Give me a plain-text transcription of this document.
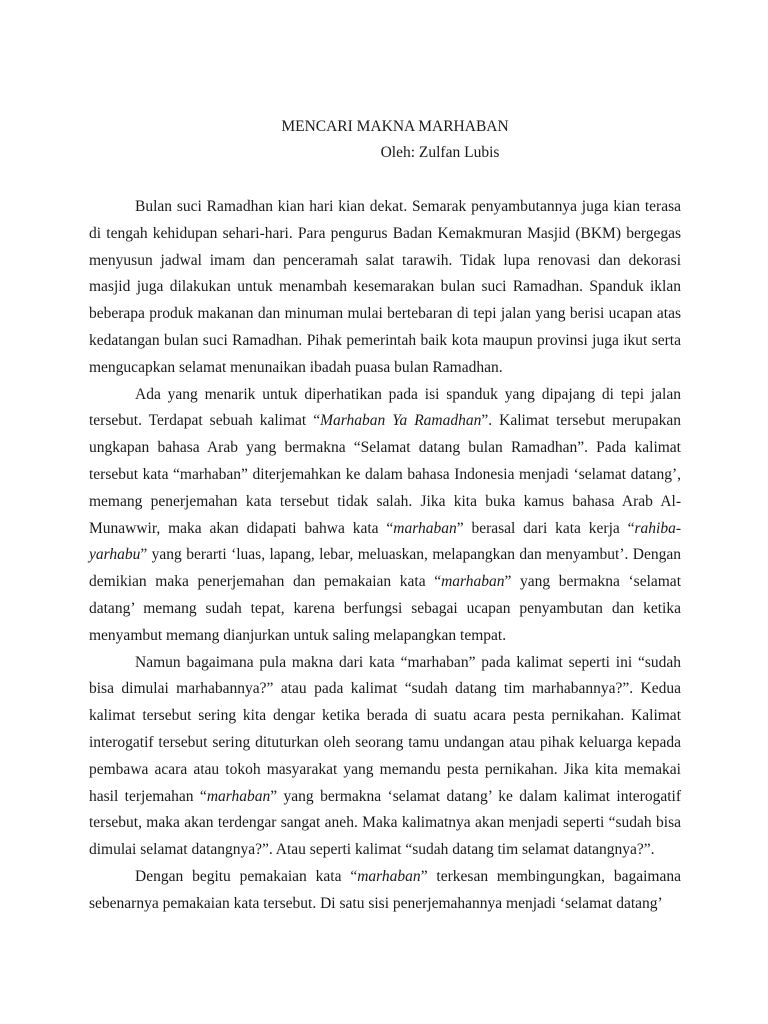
MENCARI MAKNA MARHABAN

Oleh: Zulfan Lubis

Bulan suci Ramadhan kian hari kian dekat. Semarak penyambutannya juga kian terasa di tengah kehidupan sehari-hari. Para pengurus Badan Kemakmuran Masjid (BKM) bergegas menyusun jadwal imam dan penceramah salat tarawih. Tidak lupa renovasi dan dekorasi masjid juga dilakukan untuk menambah kesemarakan bulan suci Ramadhan. Spanduk iklan beberapa produk makanan dan minuman mulai bertebaran di tepi jalan yang berisi ucapan atas kedatangan bulan suci Ramadhan. Pihak pemerintah baik kota maupun provinsi juga ikut serta mengucapkan selamat menunaikan ibadah puasa bulan Ramadhan.

Ada yang menarik untuk diperhatikan pada isi spanduk yang dipajang di tepi jalan tersebut. Terdapat sebuah kalimat “Marhaban Ya Ramadhan”. Kalimat tersebut merupakan ungkapan bahasa Arab yang bermakna “Selamat datang bulan Ramadhan”. Pada kalimat tersebut kata “marhaban” diterjemahkan ke dalam bahasa Indonesia menjadi ‘selamat datang’, memang penerjemahan kata tersebut tidak salah. Jika kita buka kamus bahasa Arab Al-Munawwir, maka akan didapati bahwa kata “marhaban” berasal dari kata kerja “rahiba-yarhabu” yang berarti ‘luas, lapang, lebar, meluaskan, melapangkan dan menyambut’. Dengan demikian maka penerjemahan dan pemakaian kata “marhaban” yang bermakna ‘selamat datang’ memang sudah tepat, karena berfungsi sebagai ucapan penyambutan dan ketika menyambut memang dianjurkan untuk saling melapangkan tempat.

Namun bagaimana pula makna dari kata “marhaban” pada kalimat seperti ini “sudah bisa dimulai marhabannya?” atau pada kalimat “sudah datang tim marhabannya?”. Kedua kalimat tersebut sering kita dengar ketika berada di suatu acara pesta pernikahan. Kalimat interogatif tersebut sering dituturkan oleh seorang tamu undangan atau pihak keluarga kepada pembawa acara atau tokoh masyarakat yang memandu pesta pernikahan. Jika kita memakai hasil terjemahan “marhaban” yang bermakna ‘selamat datang’ ke dalam kalimat interogatif tersebut, maka akan terdengar sangat aneh. Maka kalimatnya akan menjadi seperti “sudah bisa dimulai selamat datangnya?”. Atau seperti kalimat “sudah datang tim selamat datangnya?”.

Dengan begitu pemakaian kata “marhaban” terkesan membingungkan, bagaimana sebenarnya pemakaian kata tersebut. Di satu sisi penerjemahannya menjadi ‘selamat datang’
